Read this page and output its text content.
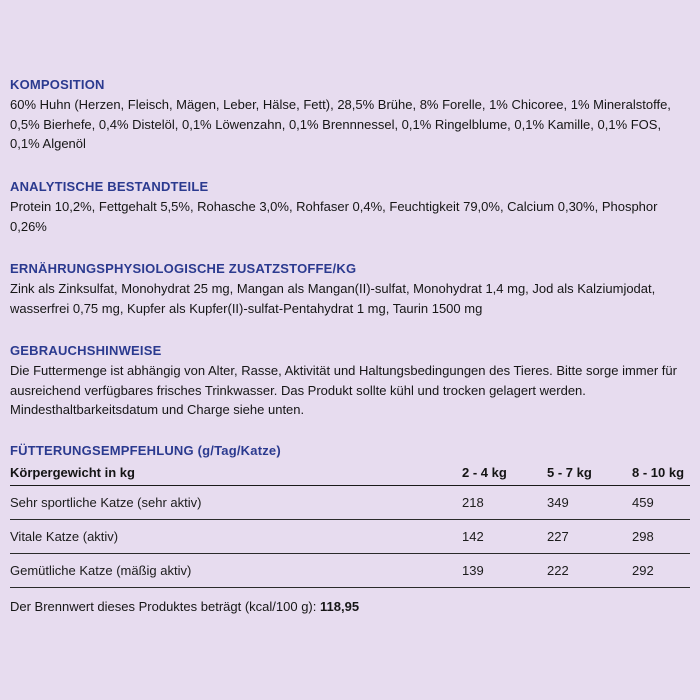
KOMPOSITION

60% Huhn (Herzen, Fleisch, Mägen, Leber, Hälse, Fett), 28,5% Brühe, 8% Forelle, 1% Chicoree, 1% Mineralstoffe, 0,5% Bierhefe, 0,4% Distelöl, 0,1% Löwenzahn, 0,1% Brennnessel, 0,1% Ringelblume, 0,1% Kamille, 0,1% FOS, 0,1% Algenöl

ANALYTISCHE BESTANDTEILE

Protein 10,2%, Fettgehalt 5,5%, Rohasche 3,0%, Rohfaser 0,4%, Feuchtigkeit 79,0%, Calcium 0,30%, Phosphor 0,26%

ERNÄHRUNGSPHYSIOLOGISCHE ZUSATZSTOFFE/KG

Zink als Zinksulfat, Monohydrat 25 mg, Mangan als Mangan(II)-sulfat, Monohydrat 1,4 mg, Jod als Kalziumjodat, wasserfrei 0,75 mg, Kupfer als Kupfer(II)-sulfat-Pentahydrat 1 mg, Taurin 1500 mg

GEBRAUCHSHINWEISE

Die Futtermenge ist abhängig von Alter, Rasse, Aktivität und Haltungsbedingungen des Tieres. Bitte sorge immer für ausreichend verfügbares frisches Trinkwasser. Das Produkt sollte kühl und trocken gelagert werden. Mindesthaltbarkeitsdatum und Charge siehe unten.

FÜTTERUNGSEMPFEHLUNG (g/Tag/Katze)
Körpergewicht in kg	2 - 4 kg	5 - 7 kg	8 - 10 kg
Sehr sportliche Katze (sehr aktiv)	218	349	459
Vitale Katze (aktiv)	142	227	298
Gemütliche Katze (mäßig aktiv)	139	222	292
Der Brennwert dieses Produktes beträgt (kcal/100 g): 118,95
